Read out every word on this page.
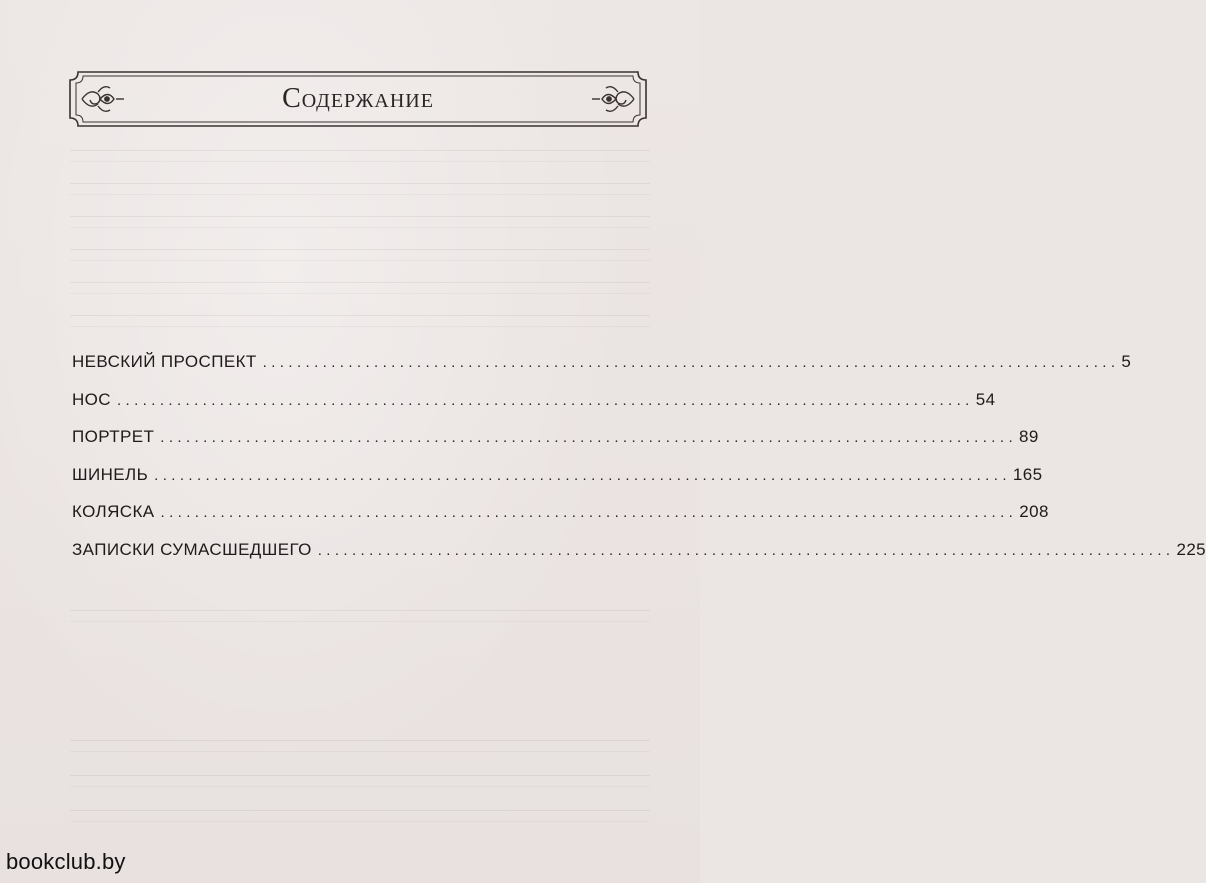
Содержание
НЕВСКИЙ ПРОСПЕКТ .................................................................................................... 5
НОС .................................................................................................... 54
ПОРТРЕТ .................................................................................................... 89
ШИНЕЛЬ .................................................................................................... 165
КОЛЯСКА .................................................................................................... 208
ЗАПИСКИ СУМАСШЕДШЕГО .................................................................................................... 225
bookclub.by
